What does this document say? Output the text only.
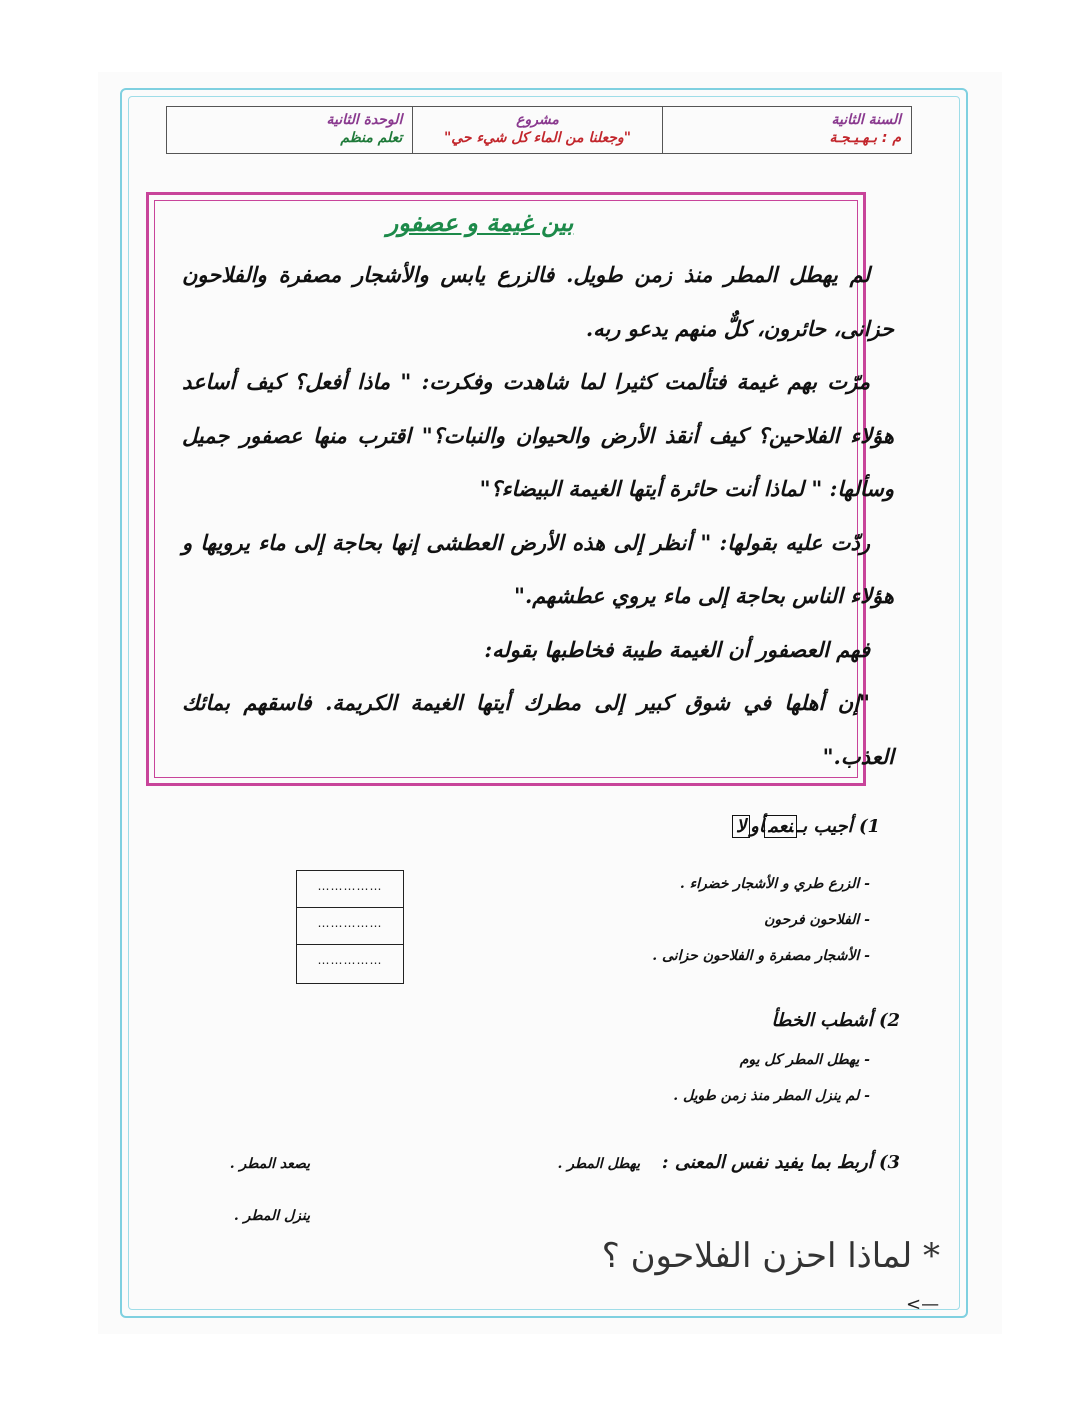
السنة الثانية
م : بـهـيـجـة
مشروع
"وجعلنا من الماء كل شيء حي"
الوحدة الثانية
تعلم منظم
بين غيمة و عصفور

لم يهطل المطر منذ زمن طويل. فالزرع يابس والأشجار مصفرة والفلاحون حزانى، حائرون، كلٌّ منهم يدعو ربه.

مرّت بهم غيمة فتألمت كثيرا لما شاهدت وفكرت: " ماذا أفعل؟ كيف أساعد هؤلاء الفلاحين؟ كيف أنقذ الأرض والحيوان والنبات؟" اقترب منها عصفور جميل وسألها: " لماذا أنت حائرة أيتها الغيمة البيضاء؟"

ردّت عليه بقولها: " أنظر إلى هذه الأرض العطشى إنها بحاجة إلى ماء يرويها و هؤلاء الناس بحاجة إلى ماء يروي عطشهم."

فهم العصفور أن الغيمة طيبة فخاطبها بقوله:

"إن أهلها في شوق كبير إلى مطرك أيتها الغيمة الكريمة. فاسقهم بمائك العذب."

1) أجيب بـنعمأولا
- الزرع طري و الأشجار خضراء .
- الفلاحون فرحون
- الأشجار مصفرة و الفلاحون حزانى .
……………
……………
……………
2) أشطب الخطأ
- يهطل المطر كل يوم
- لم ينزل المطر منذ زمن طويل .
3) أربط بما يفيد نفس المعنى :
يهطل المطر .
يصعد المطر .
ينزل المطر .
* لماذا احزن الفلاحون ؟
<—
